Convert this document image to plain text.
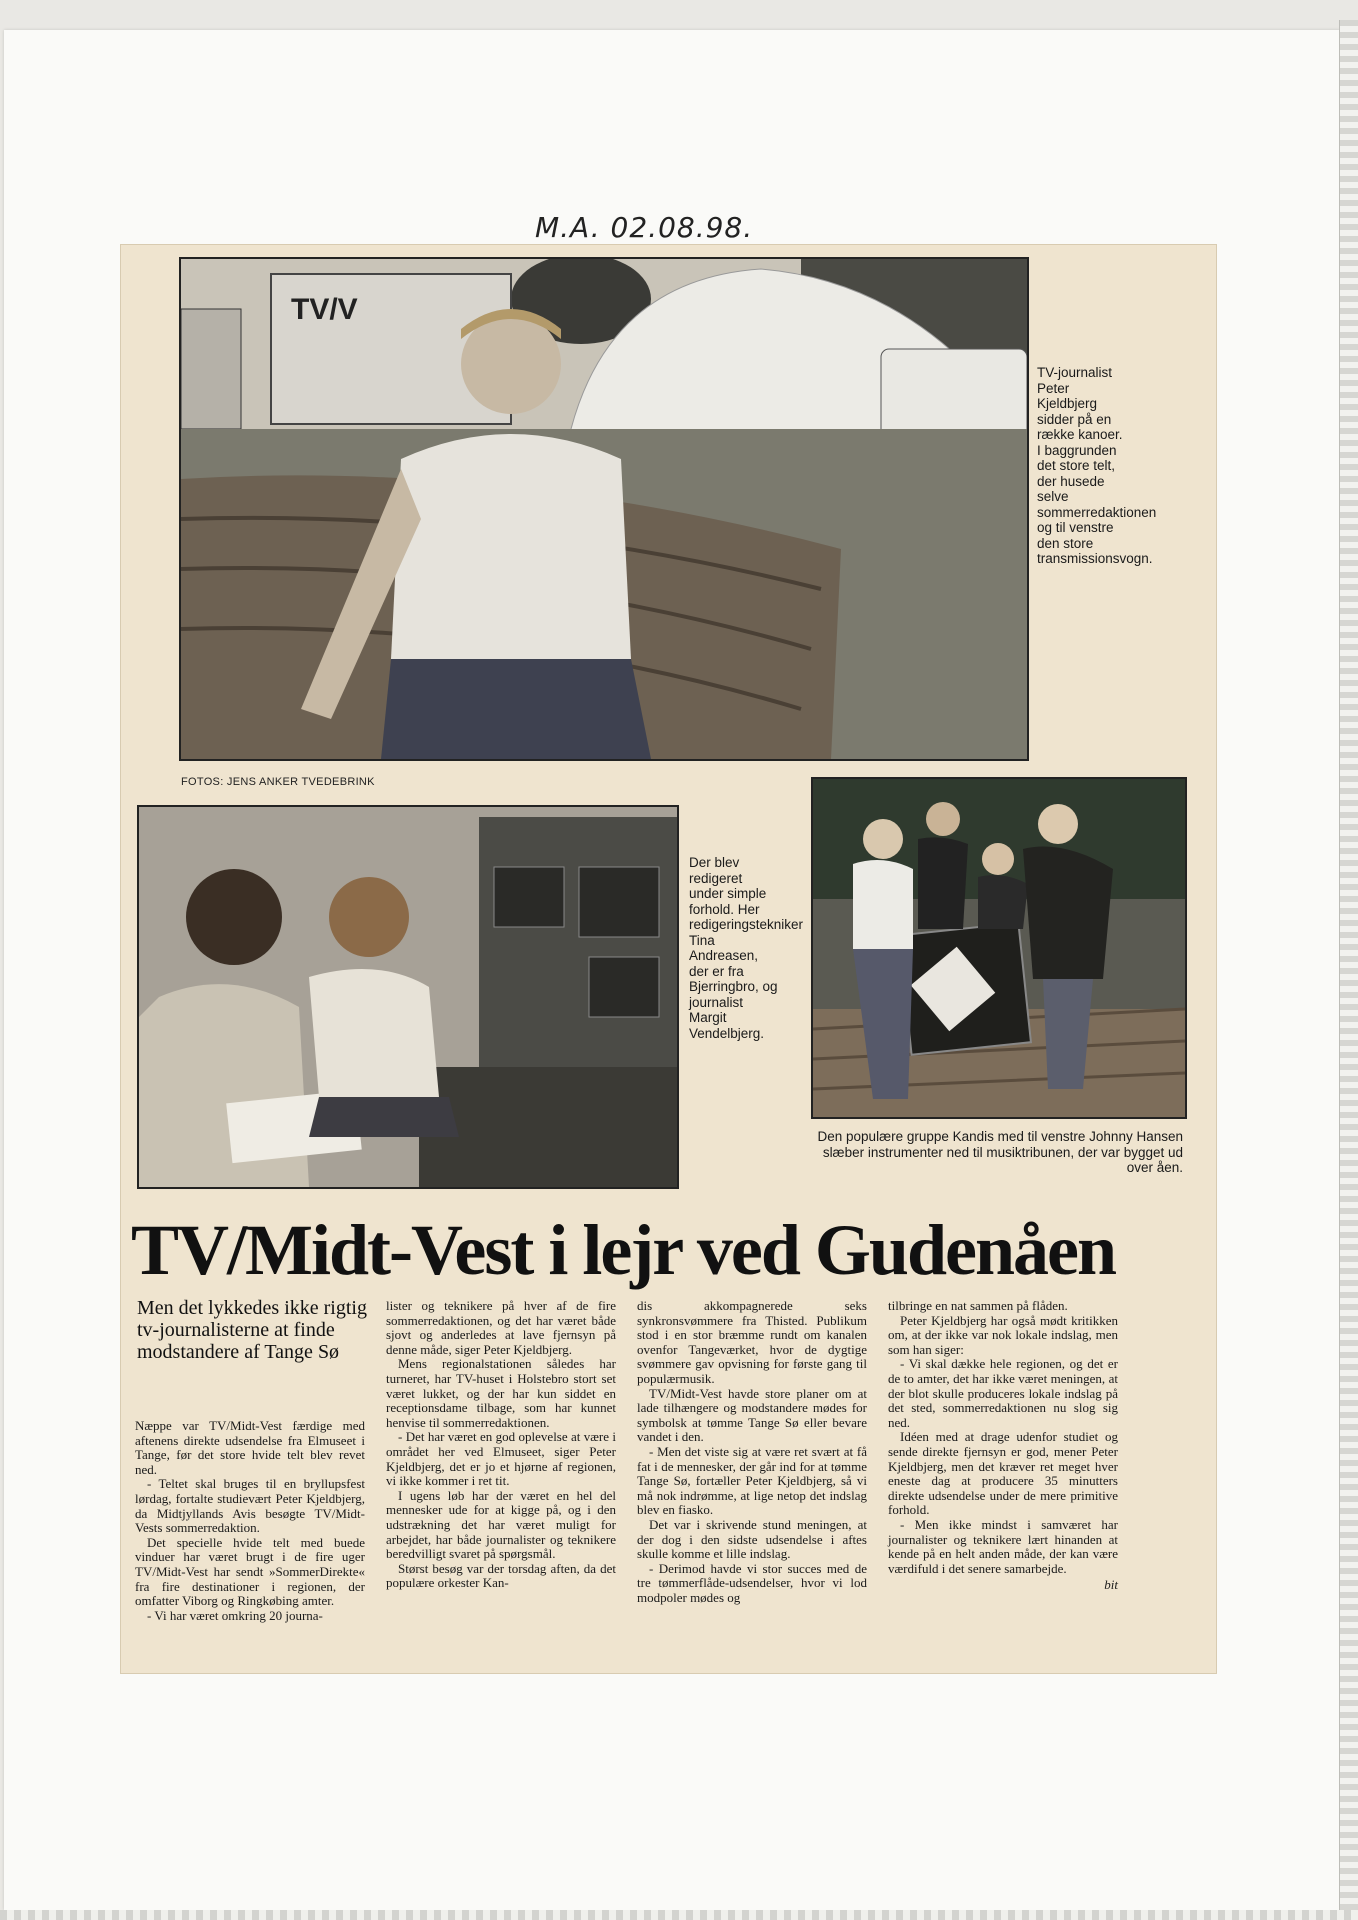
M.A. 02.08.98.

TV/V
TV-journalist Peter Kjeldbjerg sidder på en række kanoer. I baggrunden det store telt, der husede selve sommerredaktionen og til venstre den store transmissionsvogn.
FOTOS: JENS ANKER TVEDEBRINK
Der blev redigeret under simple forhold. Her redigeringstekniker Tina Andreasen, der er fra Bjerringbro, og journalist Margit Vendelbjerg.
Den populære gruppe Kandis med til venstre Johnny Hansen slæber instrumenter ned til musiktribunen, der var bygget ud over åen.
TV/Midt-Vest i lejr ved Gudenåen
Men det lykkedes ikke rigtig tv-journalisterne at finde modstandere af Tange Sø

Næppe var TV/Midt-Vest færdige med aftenens direkte udsendelse fra Elmuseet i Tange, før det store hvide telt blev revet ned.

- Teltet skal bruges til en bryllupsfest lørdag, fortalte studievært Peter Kjeldbjerg, da Midtjyllands Avis besøgte TV/Midt-Vests sommerredaktion.

Det specielle hvide telt med buede vinduer har været brugt i de fire uger TV/Midt-Vest har sendt »SommerDirekte« fra fire destinationer i regionen, der omfatter Viborg og Ringkøbing amter.

- Vi har været omkring 20 journa-

lister og teknikere på hver af de fire sommerredaktionen, og det har været både sjovt og anderledes at lave fjernsyn på denne måde, siger Peter Kjeldbjerg.

Mens regionalstationen således har turneret, har TV-huset i Holstebro stort set været lukket, og der har kun siddet en receptionsdame tilbage, som har kunnet henvise til sommerredaktionen.

- Det har været en god oplevelse at være i området her ved Elmuseet, siger Peter Kjeldbjerg, det er jo et hjørne af regionen, vi ikke kommer i ret tit.

I ugens løb har der været en hel del mennesker ude for at kigge på, og i den udstrækning det har været muligt for arbejdet, har både journalister og teknikere beredvilligt svaret på spørgsmål.

Størst besøg var der torsdag aften, da det populære orkester Kan-

dis akkompagnerede seks synkronsvømmere fra Thisted. Publikum stod i en stor bræmme rundt om kanalen ovenfor Tangeværket, hvor de dygtige svømmere gav opvisning for første gang til populærmusik.

TV/Midt-Vest havde store planer om at lade tilhængere og modstandere mødes for symbolsk at tømme Tange Sø eller bevare vandet i den.

- Men det viste sig at være ret svært at få fat i de mennesker, der går ind for at tømme Tange Sø, fortæller Peter Kjeldbjerg, så vi må nok indrømme, at lige netop det indslag blev en fiasko.

Det var i skrivende stund meningen, at der dog i den sidste udsendelse i aftes skulle komme et lille indslag.

- Derimod havde vi stor succes med de tre tømmerflåde-udsendelser, hvor vi lod modpoler mødes og

tilbringe en nat sammen på flåden.

Peter Kjeldbjerg har også mødt kritikken om, at der ikke var nok lokale indslag, men som han siger:

- Vi skal dække hele regionen, og det er de to amter, det har ikke været meningen, at der blot skulle produceres lokale indslag på det sted, sommerredaktionen nu slog sig ned.

Idéen med at drage udenfor studiet og sende direkte fjernsyn er god, mener Peter Kjeldbjerg, men det kræver ret meget hver eneste dag at producere 35 minutters direkte udsendelse under de mere primitive forhold.

- Men ikke mindst i samværet har journalister og teknikere lært hinanden at kende på en helt anden måde, der kan være værdifuld i det senere samarbejde.

bit
